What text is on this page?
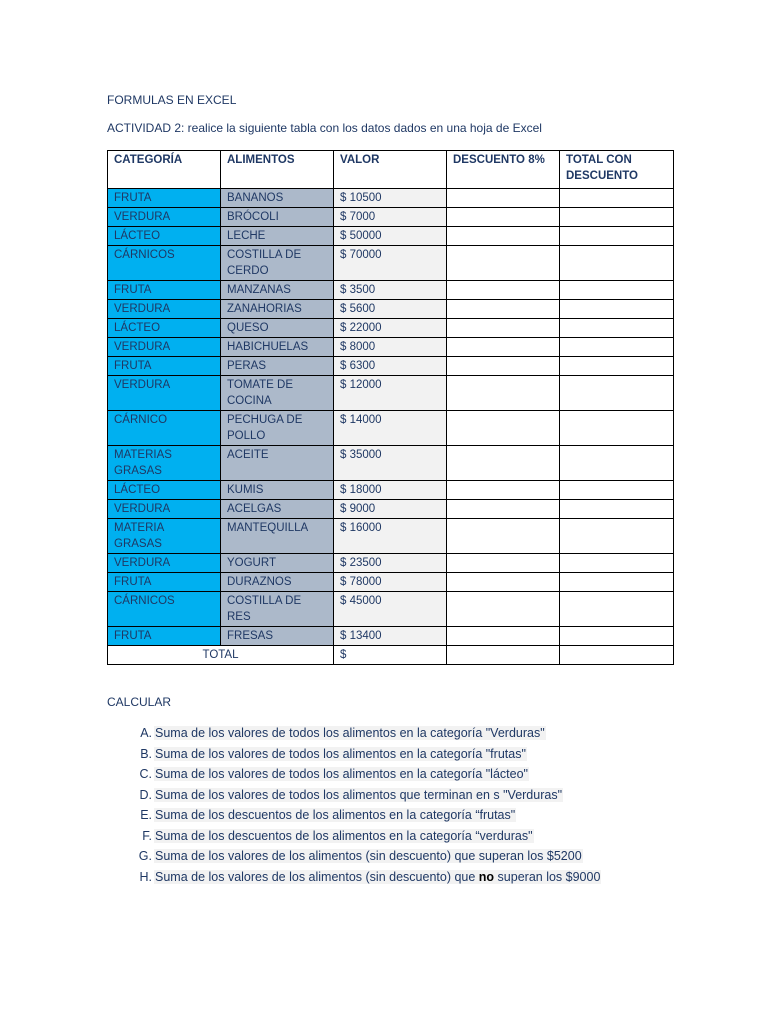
FORMULAS EN EXCEL
ACTIVIDAD 2: realice la siguiente tabla con los datos dados en una hoja de Excel
CATEGORÍA	ALIMENTOS	VALOR	DESCUENTO 8%	TOTAL CON DESCUENTO
FRUTA	BANANOS	$ 10500		
VERDURA	BRÓCOLI	$ 7000		
LÁCTEO	LECHE	$ 50000		
CÁRNICOS	COSTILLA DE CERDO	$ 70000		
FRUTA	MANZANAS	$ 3500		
VERDURA	ZANAHORIAS	$ 5600		
LÁCTEO	QUESO	$ 22000		
VERDURA	HABICHUELAS	$ 8000		
FRUTA	PERAS	$ 6300		
VERDURA	TOMATE DE COCINA	$ 12000		
CÁRNICO	PECHUGA DE POLLO	$ 14000		
MATERIAS GRASAS	ACEITE	$ 35000		
LÁCTEO	KUMIS	$ 18000		
VERDURA	ACELGAS	$ 9000		
MATERIA GRASAS	MANTEQUILLA	$ 16000		
VERDURA	YOGURT	$ 23500		
FRUTA	DURAZNOS	$ 78000		
CÁRNICOS	COSTILLA DE RES	$ 45000		
FRUTA	FRESAS	$ 13400		
TOTAL		$		
CALCULAR
A. Suma de los valores de todos los alimentos en la categoría "Verduras"
B. Suma de los valores de todos los alimentos en la categoría "frutas"
C. Suma de los valores de todos los alimentos en la categoría "lácteo"
D. Suma de los valores de todos los alimentos que terminan en s "Verduras"
E. Suma de los descuentos de los alimentos en la categoría “frutas"
F. Suma de los descuentos de los alimentos en la categoría “verduras"
G. Suma de los valores de los alimentos (sin descuento) que superan los $5200
H. Suma de los valores de los alimentos (sin descuento) que no superan los $9000
